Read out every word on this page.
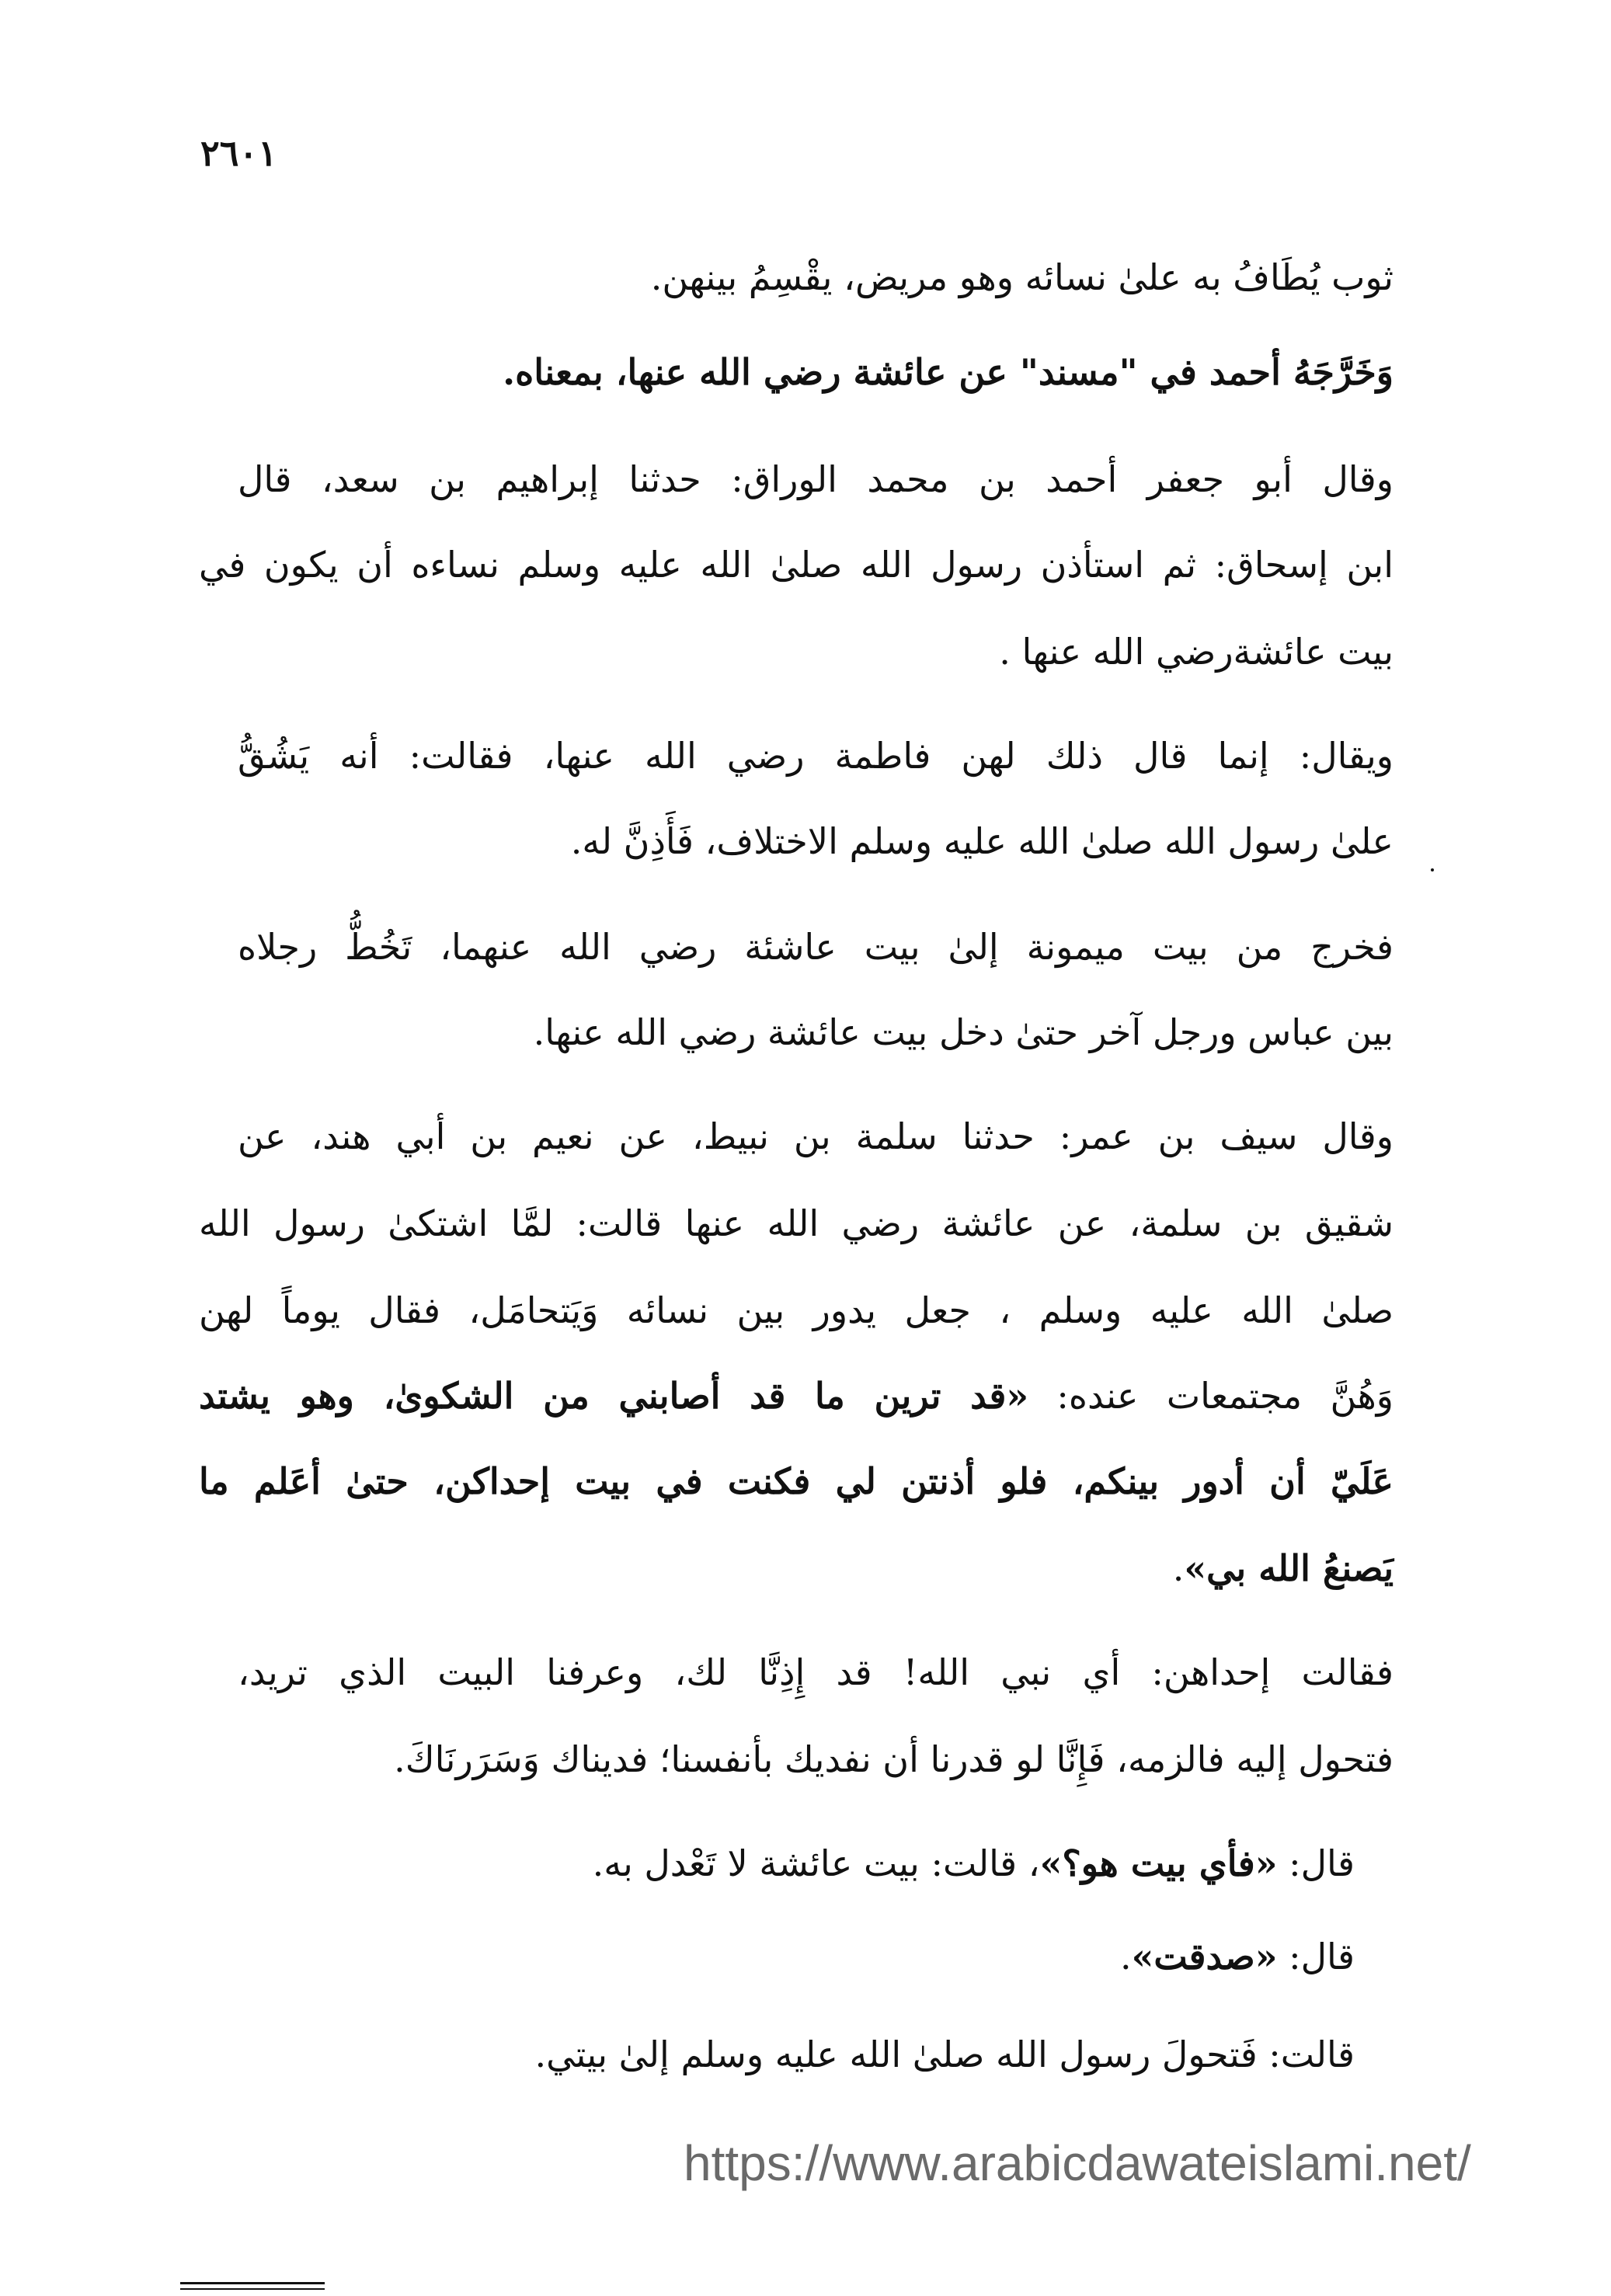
٢٦٠١
ثوب يُطَافُ به علىٰ نسائه وهو مريض، يقْسِمُ بينهن.
وَخَرَّجَهُ أحمد في "مسند" عن عائشة رضي الله عنها، بمعناه.
وقال أبو جعفر أحمد بن محمد الوراق: حدثنا إبراهيم بن سعد، قال
ابن إسحاق: ثم استأذن رسول الله صلىٰ الله عليه وسلم نساءه أن يكون في
بيت عائشةرضي الله عنها .
ويقال: إنما قال ذلك لهن فاطمة رضي الله عنها، فقالت: أنه يَشُقُّ
علىٰ رسول الله صلىٰ الله عليه وسلم الاختلاف، فَأَذِنَّ له.
فخرج من بيت ميمونة إلىٰ بيت عاشئة رضي الله عنهما، تَخُطُّ رجلاه
بين عباس ورجل آخر حتىٰ دخل بيت عائشة رضي الله عنها.
وقال سيف بن عمر: حدثنا سلمة بن نبيط، عن نعيم بن أبي هند، عن
شقيق بن سلمة، عن عائشة رضي الله عنها قالت: لمَّا اشتكىٰ رسول الله
صلىٰ الله عليه وسلم ، جعل يدور بين نسائه وَيَتحامَل، فقال يوماً لهن
وَهُنَّ مجتمعات عنده: «قد ترين ما قد أصابني من الشكوىٰ، وهو يشتد
عَلَيّ أن أدور بينكم، فلو أذنتن لي فكنت في بيت إحداكن، حتىٰ أعَلم ما
يَصنعُ الله بي».
فقالت إحداهن: أي نبي الله! قد إِذِنَّا لك، وعرفنا البيت الذي تريد،
فتحول إليه فالزمه، فَإِنَّا لو قدرنا أن نفديك بأنفسنا؛ فديناك وَسَرَرنَاكَ.
قال: «فأي بيت هو؟»، قالت: بيت عائشة لا تَعْدل به.
قال: «صدقت».
قالت: فَتحولَ رسول الله صلىٰ الله عليه وسلم إلىٰ بيتي.
https://www.arabicdawateislami.net/
